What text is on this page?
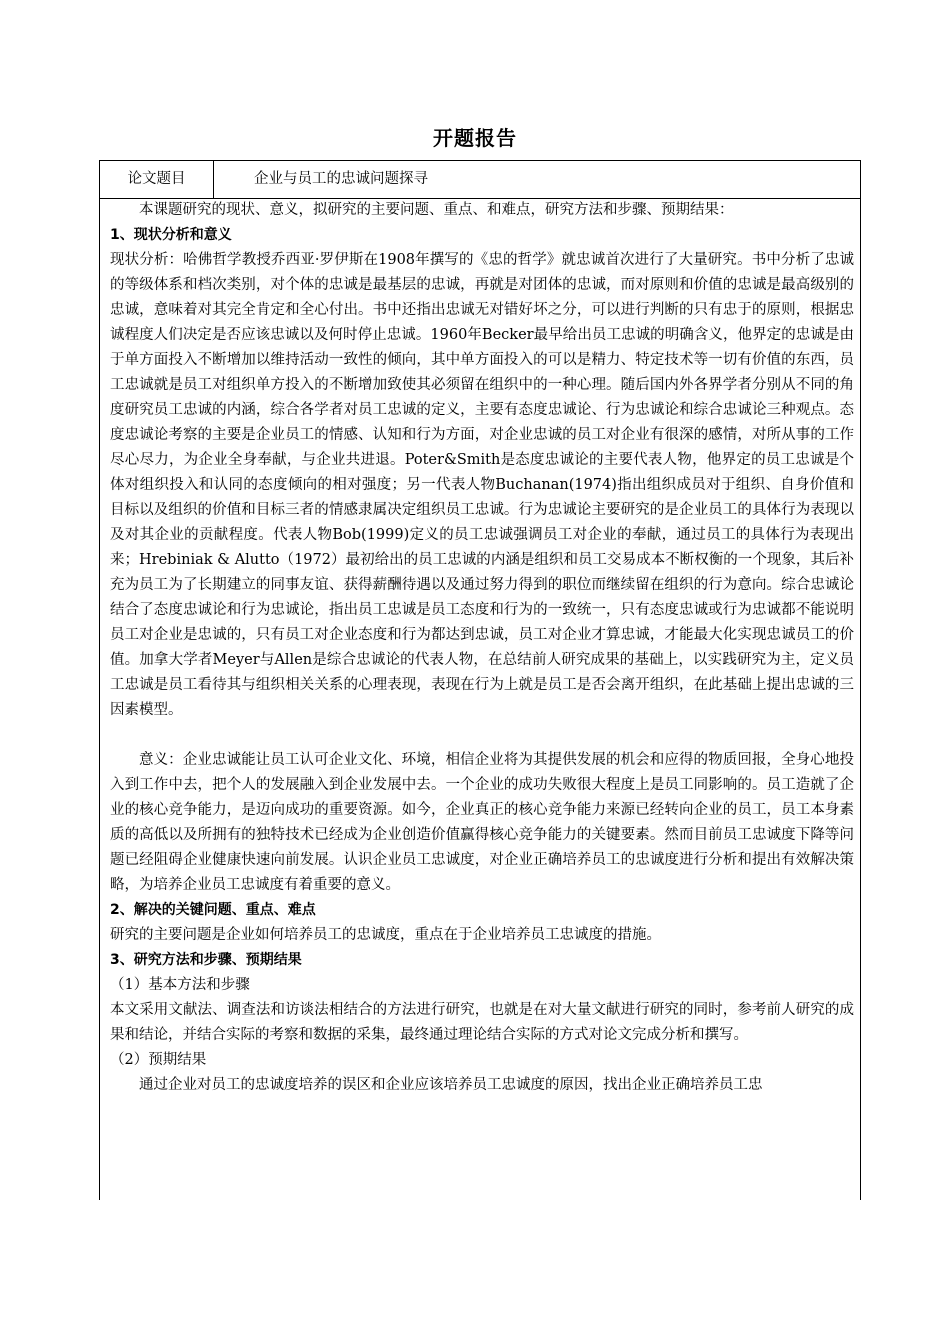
开题报告
论文题目	企业与员工的忠诚问题探寻

本课题研究的现状、意义，拟研究的主要问题、重点、和难点，研究方法和步骤、预期结果：

1、现状分析和意义

现状分析：哈佛哲学教授乔西亚·罗伊斯在1908年撰写的《忠的哲学》就忠诚首次进行了大量研究。书中分析了忠诚的等级体系和档次类别，对个体的忠诚是最基层的忠诚，再就是对团体的忠诚，而对原则和价值的忠诚是最高级别的忠诚，意味着对其完全肯定和全心付出。书中还指出忠诚无对错好坏之分，可以进行判断的只有忠于的原则，根据忠诚程度人们决定是否应该忠诚以及何时停止忠诚。1960年Becker最早给出员工忠诚的明确含义，他界定的忠诚是由于单方面投入不断增加以维持活动一致性的倾向，其中单方面投入的可以是精力、特定技术等一切有价值的东西，员工忠诚就是员工对组织单方投入的不断增加致使其必须留在组织中的一种心理。随后国内外各界学者分别从不同的角度研究员工忠诚的内涵，综合各学者对员工忠诚的定义，主要有态度忠诚论、行为忠诚论和综合忠诚论三种观点。态度忠诚论考察的主要是企业员工的情感、认知和行为方面，对企业忠诚的员工对企业有很深的感情，对所从事的工作尽心尽力，为企业全身奉献，与企业共进退。Poter&Smith是态度忠诚论的主要代表人物，他界定的员工忠诚是个体对组织投入和认同的态度倾向的相对强度；另一代表人物Buchanan(1974)指出组织成员对于组织、自身价值和目标以及组织的价值和目标三者的情感隶属决定组织员工忠诚。行为忠诚论主要研究的是企业员工的具体行为表现以及对其企业的贡献程度。代表人物Bob(1999)定义的员工忠诚强调员工对企业的奉献，通过员工的具体行为表现出来；Hrebiniak & Alutto（1972）最初给出的员工忠诚的内涵是组织和员工交易成本不断权衡的一个现象，其后补充为员工为了长期建立的同事友谊、获得薪酬待遇以及通过努力得到的职位而继续留在组织的行为意向。综合忠诚论结合了态度忠诚论和行为忠诚论，指出员工忠诚是员工态度和行为的一致统一，只有态度忠诚或行为忠诚都不能说明员工对企业是忠诚的，只有员工对企业态度和行为都达到忠诚，员工对企业才算忠诚，才能最大化实现忠诚员工的价值。加拿大学者Meyer与Allen是综合忠诚论的代表人物，在总结前人研究成果的基础上，以实践研究为主，定义员工忠诚是员工看待其与组织相关关系的心理表现，表现在行为上就是员工是否会离开组织，在此基础上提出忠诚的三因素模型。

意义：企业忠诚能让员工认可企业文化、环境，相信企业将为其提供发展的机会和应得的物质回报，全身心地投入到工作中去，把个人的发展融入到企业发展中去。一个企业的成功失败很大程度上是员工同影响的。员工造就了企业的核心竞争能力，是迈向成功的重要资源。如今，企业真正的核心竞争能力来源已经转向企业的员工，员工本身素质的高低以及所拥有的独特技术已经成为企业创造价值赢得核心竞争能力的关键要素。然而目前员工忠诚度下降等问题已经阻碍企业健康快速向前发展。认识企业员工忠诚度，对企业正确培养员工的忠诚度进行分析和提出有效解决策略，为培养企业员工忠诚度有着重要的意义。

2、解决的关键问题、重点、难点

研究的主要问题是企业如何培养员工的忠诚度，重点在于企业培养员工忠诚度的措施。

3、研究方法和步骤、预期结果

（1）基本方法和步骤

本文采用文献法、调查法和访谈法相结合的方法进行研究，也就是在对大量文献进行研究的同时，参考前人研究的成果和结论，并结合实际的考察和数据的采集，最终通过理论结合实际的方式对论文完成分析和撰写。

（2）预期结果

通过企业对员工的忠诚度培养的误区和企业应该培养员工忠诚度的原因，找出企业正确培养员工忠
